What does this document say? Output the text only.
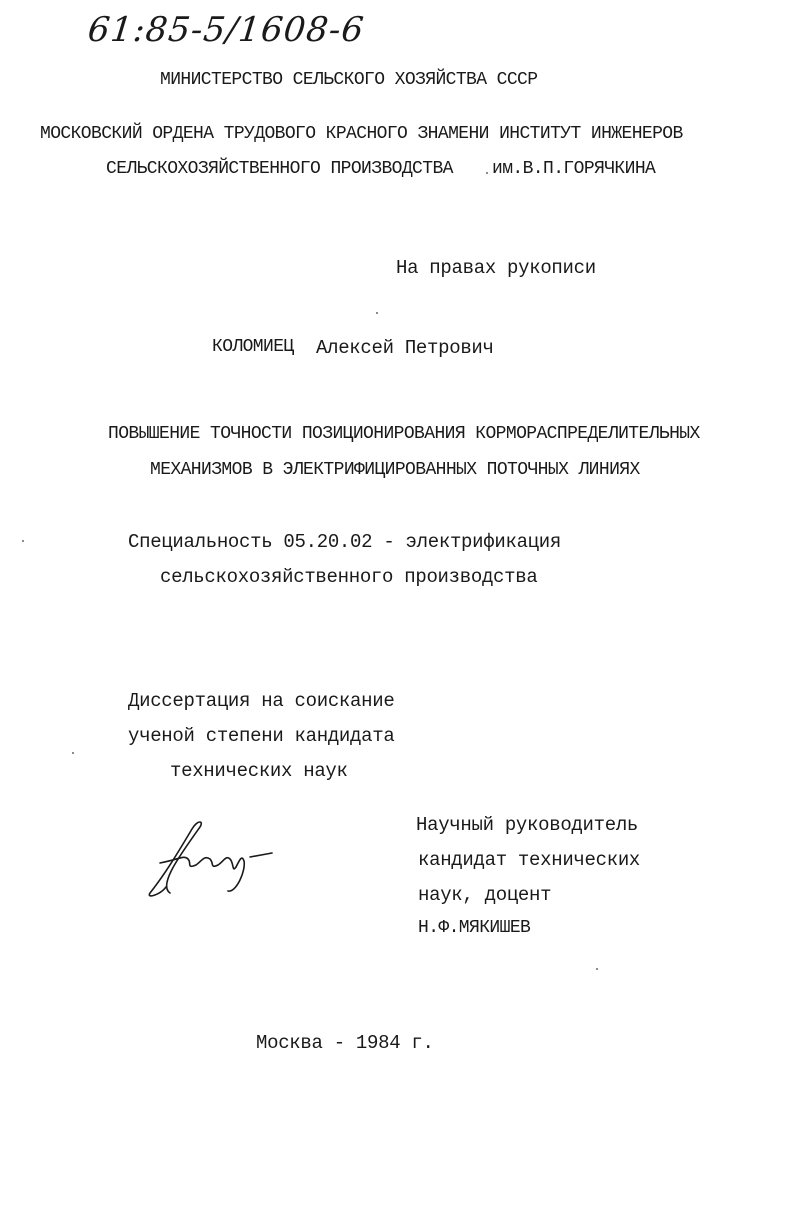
61:85-5/1608-6
МИНИСТЕРСТВО СЕЛЬСКОГО ХОЗЯЙСТВА СССР
МОСКОВСКИЙ ОРДЕНА ТРУДОВОГО КРАСНОГО ЗНАМЕНИ ИНСТИТУТ ИНЖЕНЕРОВ
СЕЛЬСКОХОЗЯЙСТВЕННОГО ПРОИЗВОДСТВА им.В.П.ГОРЯЧКИНА
На правах рукописи
КОЛОМИЕЦ Алексей Петрович
ПОВЫШЕНИЕ ТОЧНОСТИ ПОЗИЦИОНИРОВАНИЯ КОРМОРАСПРЕДЕЛИТЕЛЬНЫХ
МЕХАНИЗМОВ В ЭЛЕКТРИФИЦИРОВАННЫХ ПОТОЧНЫХ ЛИНИЯХ
Специальность 05.20.02 - электрификация
сельскохозяйственного производства
Диссертация на соискание
ученой степени кандидата
технических наук
Научный руководитель
кандидат технических
наук, доцент
Н.Ф.МЯКИШЕВ
Москва - 1984 г.
